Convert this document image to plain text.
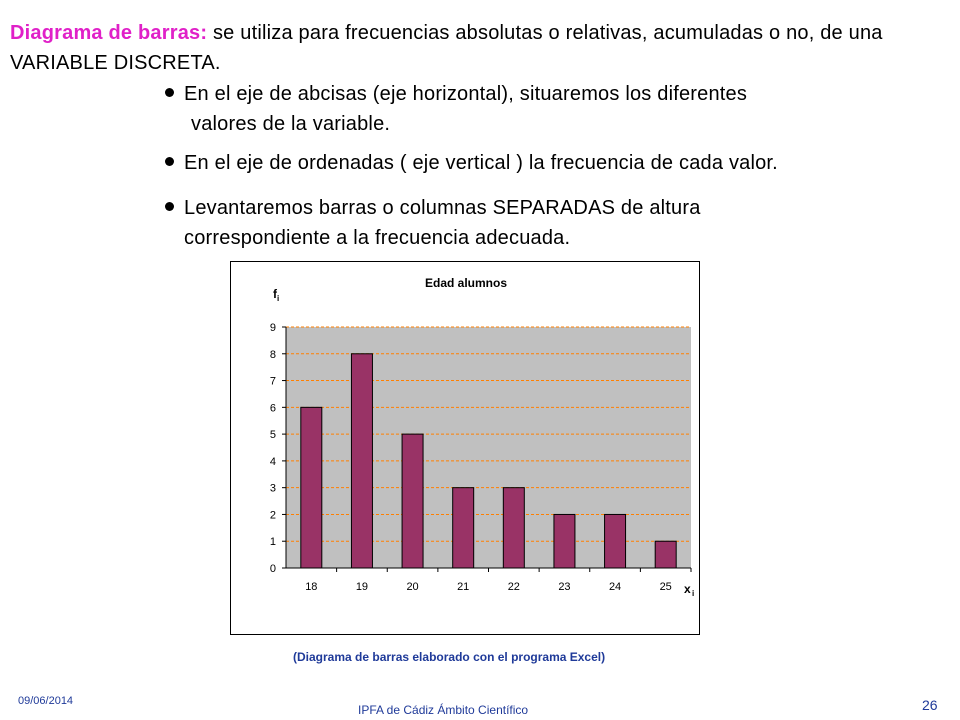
Diagrama de barras: se utiliza para frecuencias absolutas o relativas, acumuladas o no, de una VARIABLE DISCRETA.
En el eje de abcisas (eje horizontal), situaremos los diferentes
valores de la variable.
En el eje de ordenadas ( eje vertical ) la frecuencia de cada valor.
Levantaremos barras o columnas SEPARADAS de altura
correspondiente a la frecuencia adecuada.
0
1
2
3
4
5
6
7
8
9
18	19	20	21	22	23	24	25
Edad alumnos
f i
x i
(Diagrama de barras elaborado con el programa Excel)
09/06/2014
IPFA de Cádiz Ámbito Científico	26
